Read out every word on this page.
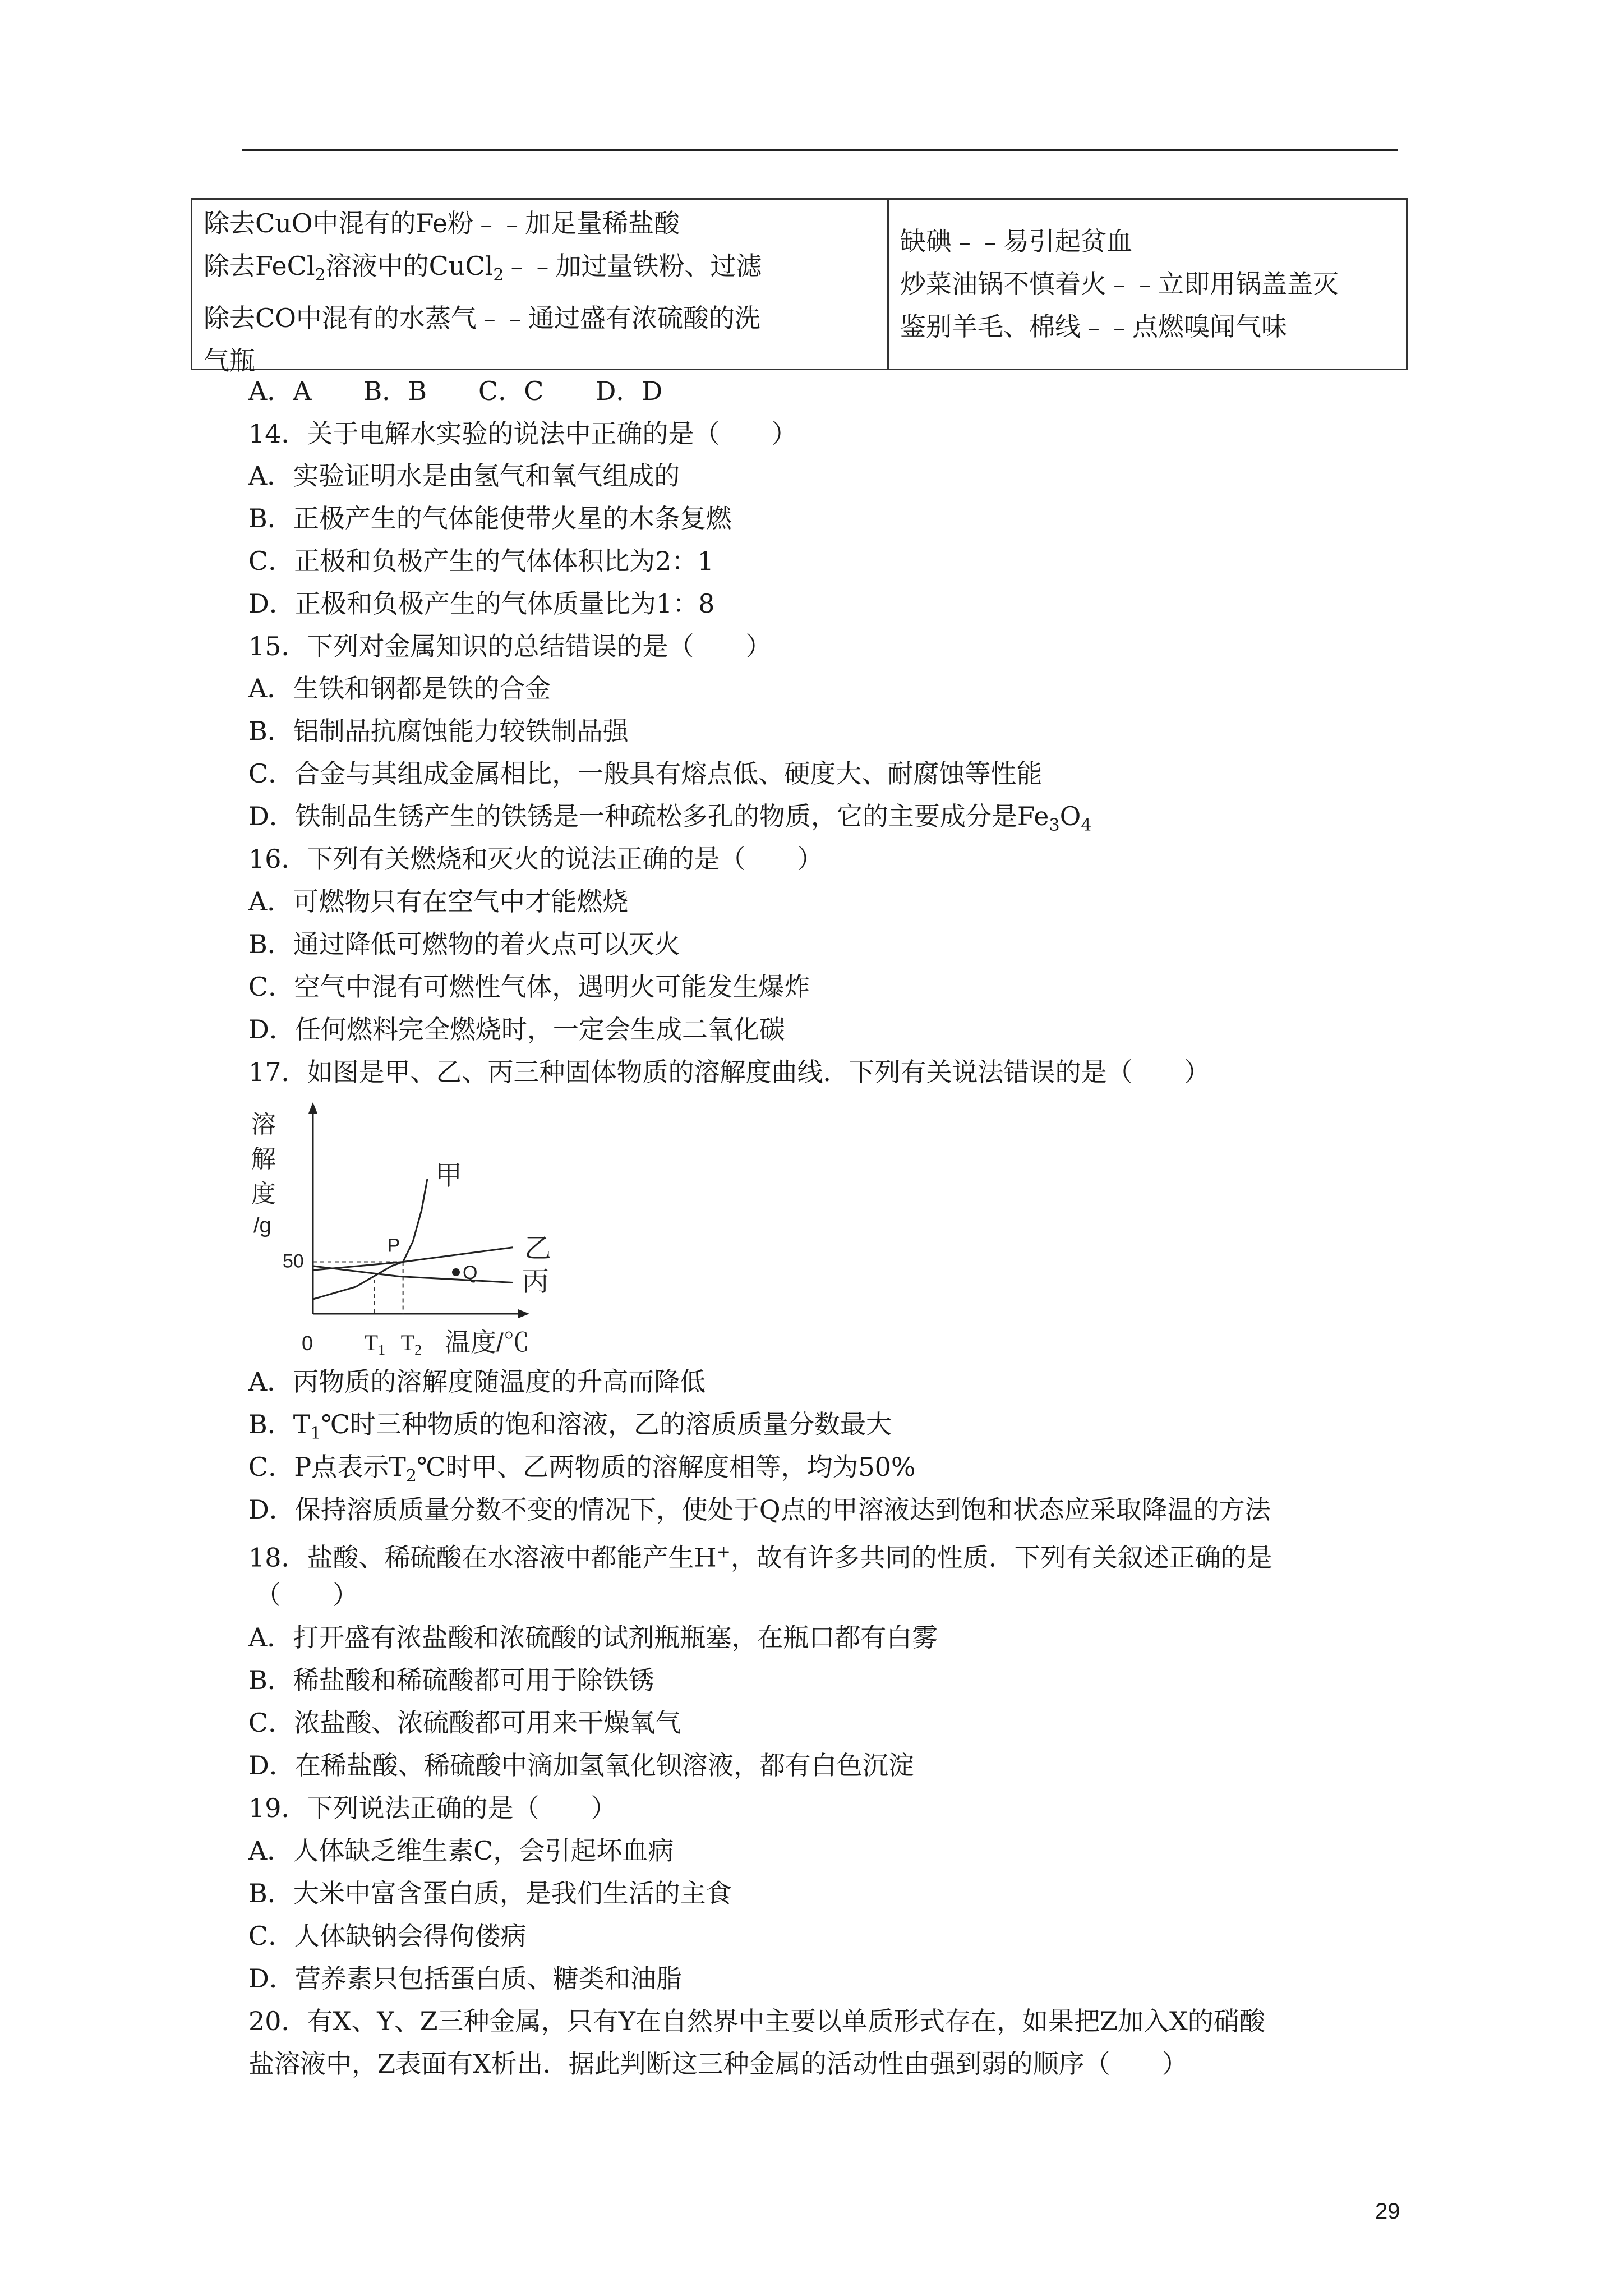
除去CuO中混有的Fe粉﹣﹣加足量稀盐酸
除去FeCl$_2$溶液中的CuCl$_2$﹣﹣加过量铁粉、过滤
除去CO中混有的水蒸气﹣﹣通过盛有浓硫酸的洗
气瓶
缺碘﹣﹣易引起贫血
炒菜油锅不慎着火﹣﹣立即用锅盖盖灭
鉴别羊毛、棉线﹣﹣点燃嗅闻气味
A．A　　B．B　　C．C　　D．D
14．关于电解水实验的说法中正确的是（　　）
A．实验证明水是由氢气和氧气组成的
B．正极产生的气体能使带火星的木条复燃
C．正极和负极产生的气体体积比为2：1
D．正极和负极产生的气体质量比为1：8
15．下列对金属知识的总结错误的是（　　）
A．生铁和钢都是铁的合金
B．铝制品抗腐蚀能力较铁制品强
C．合金与其组成金属相比，一般具有熔点低、硬度大、耐腐蚀等性能
D．铁制品生锈产生的铁锈是一种疏松多孔的物质，它的主要成分是$Fe_3O_4$
16．下列有关燃烧和灭火的说法正确的是（　　）
A．可燃物只有在空气中才能燃烧
B．通过降低可燃物的着火点可以灭火
C．空气中混有可燃性气体，遇明火可能发生爆炸
D．任何燃料完全燃烧时，一定会生成二氧化碳
17．如图是甲、乙、丙三种固体物质的溶解度曲线．下列有关说法错误的是（　　）
甲
乙
丙
P
Q
溶
解
度
/g
50
0 $T_1$ $T_2$ 温度/℃
A．丙物质的溶解度随温度的升高而降低
B．$T_1℃$时三种物质的饱和溶液，乙的溶质质量分数最大
C．P点表示$T_2℃$时甲、乙两物质的溶解度相等，均为50%
D．保持溶质质量分数不变的情况下，使处于Q点的甲溶液达到饱和状态应采取降温的方法
18．盐酸、稀硫酸在水溶液中都能产生H+，故有许多共同的性质．下列有关叙述正确的是
（　　）
A．打开盛有浓盐酸和浓硫酸的试剂瓶瓶塞，在瓶口都有白雾
B．稀盐酸和稀硫酸都可用于除铁锈
C．浓盐酸、浓硫酸都可用来干燥氧气
D．在稀盐酸、稀硫酸中滴加氢氧化钡溶液，都有白色沉淀
19．下列说法正确的是（　　）
A．人体缺乏维生素C，会引起坏血病
B．大米中富含蛋白质，是我们生活的主食
C．人体缺钠会得佝偻病
D．营养素只包括蛋白质、糖类和油脂
20．有X、Y、Z三种金属，只有Y在自然界中主要以单质形式存在，如果把Z加入X的硝酸
盐溶液中，Z表面有X析出．据此判断这三种金属的活动性由强到弱的顺序（　　）
29
